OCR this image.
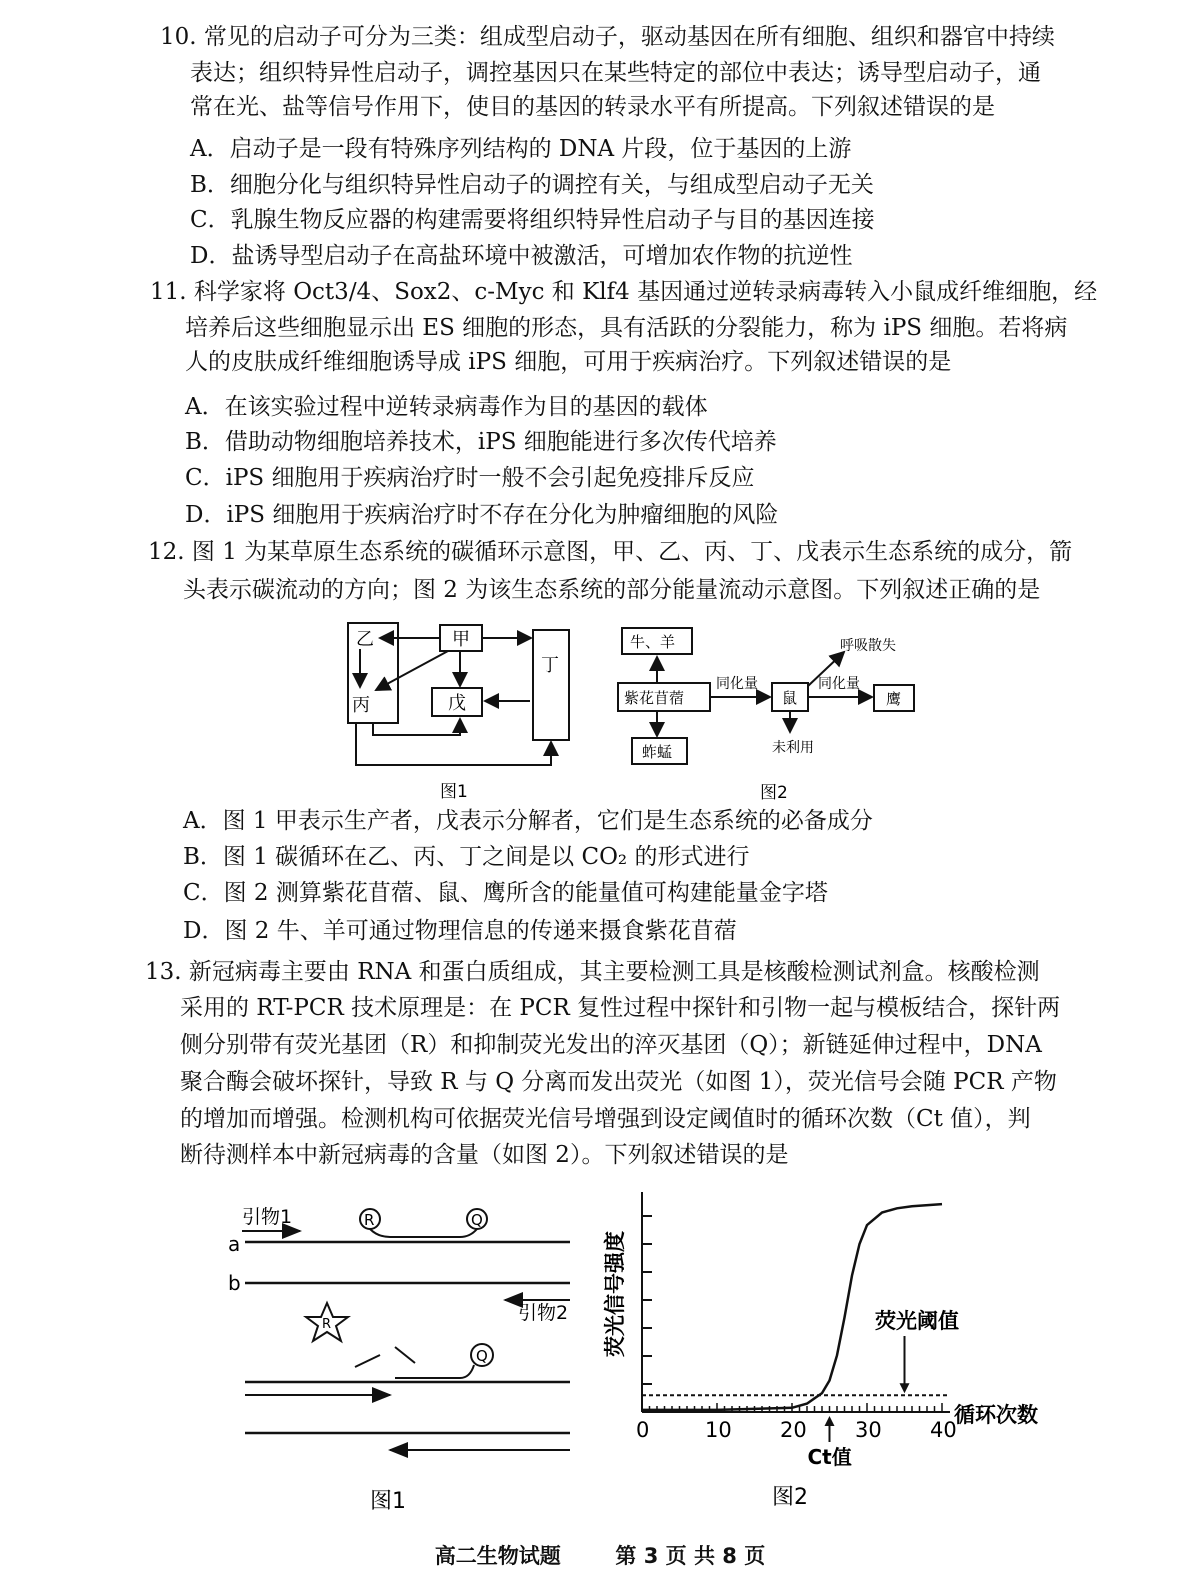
10. 常见的启动子可分为三类：组成型启动子，驱动基因在所有细胞、组织和器官中持续
表达；组织特异性启动子，调控基因只在某些特定的部位中表达；诱导型启动子，通
常在光、盐等信号作用下，使目的基因的转录水平有所提高。下列叙述错误的是
A．启动子是一段有特殊序列结构的 DNA 片段，位于基因的上游
B．细胞分化与组织特异性启动子的调控有关，与组成型启动子无关
C．乳腺生物反应器的构建需要将组织特异性启动子与目的基因连接
D．盐诱导型启动子在高盐环境中被激活，可增加农作物的抗逆性
11. 科学家将 Oct3/4、Sox2、c-Myc 和 Klf4 基因通过逆转录病毒转入小鼠成纤维细胞，经
培养后这些细胞显示出 ES 细胞的形态，具有活跃的分裂能力，称为 iPS 细胞。若将病
人的皮肤成纤维细胞诱导成 iPS 细胞，可用于疾病治疗。下列叙述错误的是
A．在该实验过程中逆转录病毒作为目的基因的载体
B．借助动物细胞培养技术，iPS 细胞能进行多次传代培养
C．iPS 细胞用于疾病治疗时一般不会引起免疫排斥反应
D．iPS 细胞用于疾病治疗时不存在分化为肿瘤细胞的风险
12. 图 1 为某草原生态系统的碳循环示意图，甲、乙、丙、丁、戊表示生态系统的成分，箭
头表示碳流动的方向；图 2 为该生态系统的部分能量流动示意图。下列叙述正确的是
乙	甲
丁
丙	戊
图1
牛、羊
紫花苜蓿
蚱蜢
鼠	鹰
同化量	同化量
呼吸散失
未利用
图2
A．图 1 甲表示生产者，戊表示分解者，它们是生态系统的必备成分
B．图 1 碳循环在乙、丙、丁之间是以 CO₂ 的形式进行
C．图 2 测算紫花苜蓿、鼠、鹰所含的能量值可构建能量金字塔
D．图 2 牛、羊可通过物理信息的传递来摄食紫花苜蓿
13. 新冠病毒主要由 RNA 和蛋白质组成，其主要检测工具是核酸检测试剂盒。核酸检测
采用的 RT-PCR 技术原理是：在 PCR 复性过程中探针和引物一起与模板结合，探针两
侧分别带有荧光基团（R）和抑制荧光发出的淬灭基团（Q）；新链延伸过程中，DNA
聚合酶会破坏探针，导致 R 与 Q 分离而发出荧光（如图 1），荧光信号会随 PCR 产物
的增加而增强。检测机构可依据荧光信号增强到设定阈值时的循环次数（Ct 值），判
断待测样本中新冠病毒的含量（如图 2）。下列叙述错误的是
引物1
a
R	Q
b
引物2
R
Q
图1
0	10 20 30 40
循环次数
荧光信号强度	荧光阈值
Ct值
图2
高二生物试题	第 3 页 共 8 页
